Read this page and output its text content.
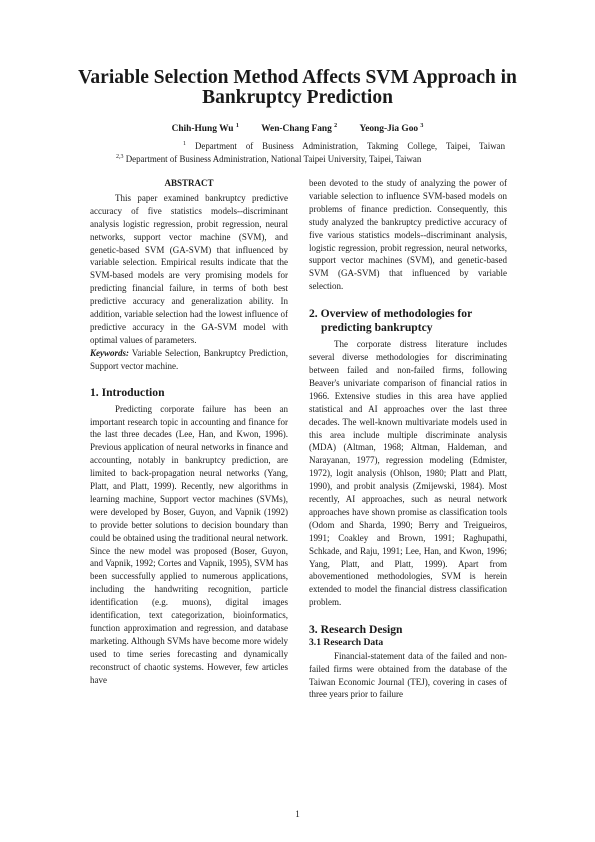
Variable Selection Method Affects SVM Approach in Bankruptcy Prediction
Chih-Hung Wu $^1$ Wen-Chang Fang $^2$ Yeong-Jia Goo $^3$
$^1$ Department of Business Administration, Takming College, Taipei, Taiwan
$^{2,3}$ Department of Business Administration, National Taipei University, Taipei, Taiwan
ABSTRACT

This paper examined bankruptcy predictive accuracy of five statistics models--discriminant analysis logistic regression, probit regression, neural networks, support vector machine (SVM), and genetic-based SVM (GA-SVM) that influenced by variable selection. Empirical results indicate that the SVM-based models are very promising models for predicting financial failure, in terms of both best predictive accuracy and generalization ability. In addition, variable selection had the lowest influence of predictive accuracy in the GA-SVM model with optimal values of parameters.

Keywords: Variable Selection, Bankruptcy Prediction, Support vector machine.

1. Introduction

Predicting corporate failure has been an important research topic in accounting and finance for the last three decades (Lee, Han, and Kwon, 1996). Previous application of neural networks in finance and accounting, notably in bankruptcy prediction, are limited to back-propagation neural networks (Yang, Platt, and Platt, 1999). Recently, new algorithms in learning machine, Support vector machines (SVMs), were developed by Boser, Guyon, and Vapnik (1992) to provide better solutions to decision boundary than could be obtained using the traditional neural network. Since the new model was proposed (Boser, Guyon, and Vapnik, 1992; Cortes and Vapnik, 1995), SVM has been successfully applied to numerous applications, including the handwriting recognition, particle identification (e.g. muons), digital images identification, text categorization, bioinformatics, function approximation and regression, and database marketing. Although SVMs have become more widely used to time series forecasting and dynamically reconstruct of chaotic systems. However, few articles have

been devoted to the study of analyzing the power of variable selection to influence SVM-based models on problems of finance prediction. Consequently, this study analyzed the bankruptcy predictive accuracy of five various statistics models--discriminant analysis, logistic regression, probit regression, neural networks, support vector machines (SVM), and genetic-based SVM (GA-SVM) that influenced by variable selection.

2. Overview of methodologies for predicting bankruptcy

The corporate distress literature includes several diverse methodologies for discriminating between failed and non-failed firms, following Beaver's univariate comparison of financial ratios in 1966. Extensive studies in this area have applied statistical and AI approaches over the last three decades. The well-known multivariate models used in this area include multiple discriminate analysis (MDA) (Altman, 1968; Altman, Haldeman, and Narayanan, 1977), regression modeling (Edmister, 1972), logit analysis (Ohlson, 1980; Platt and Platt, 1990), and probit analysis (Zmijewski, 1984). Most recently, AI approaches, such as neural network approaches have shown promise as classification tools (Odom and Sharda, 1990; Berry and Treigueiros, 1991; Coakley and Brown, 1991; Raghupathi, Schkade, and Raju, 1991; Lee, Han, and Kwon, 1996; Yang, Platt, and Platt, 1999). Apart from abovementioned methodologies, SVM is herein extended to model the financial distress classification problem.

3. Research Design
3.1 Research Data

Financial-statement data of the failed and non-failed firms were obtained from the database of the Taiwan Economic Journal (TEJ), covering in cases of three years prior to failure

1
